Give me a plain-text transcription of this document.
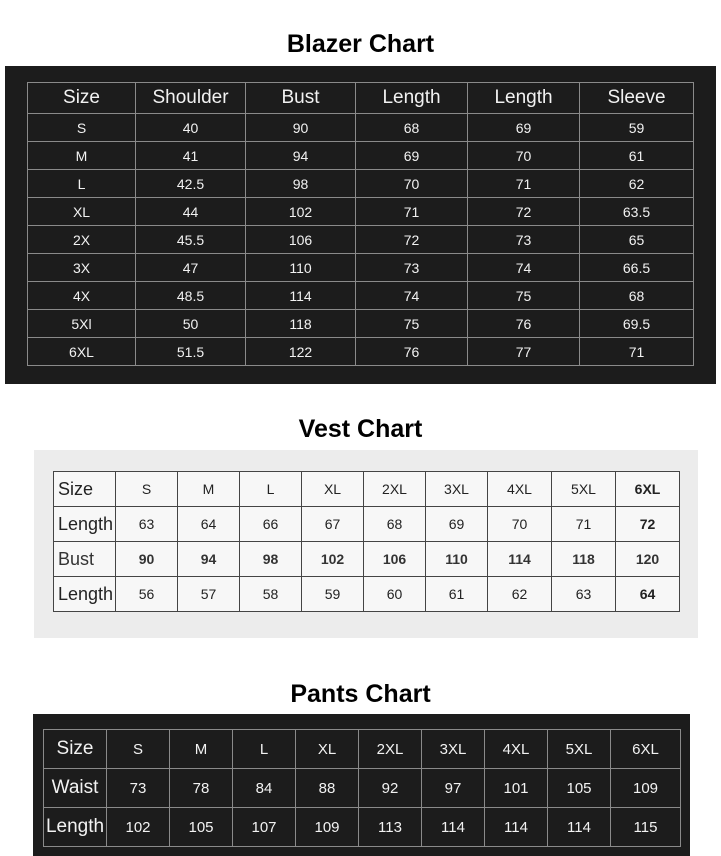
Blazer Chart
Size	Shoulder	Bust	Length	Length	Sleeve
S	40	90	68	69	59
M	41	94	69	70	61
L	42.5	98	70	71	62
XL	44	102	71	72	63.5
2X	45.5	106	72	73	65
3X	47	110	73	74	66.5
4X	48.5	114	74	75	68
5Xl	50	118	75	76	69.5
6XL	51.5	122	76	77	71
Vest Chart
Size	S	M	L	XL	2XL	3XL	4XL	5XL	6XL
Length	63	64	66	67	68	69	70	71	72
Bust	90	94	98	102	106	110	114	118	120
Length	56	57	58	59	60	61	62	63	64
Pants Chart
Size	S	M	L	XL	2XL	3XL	4XL	5XL	6XL
Waist	73	78	84	88	92	97	101	105	109
Length	102	105	107	109	113	114	114	114	115
